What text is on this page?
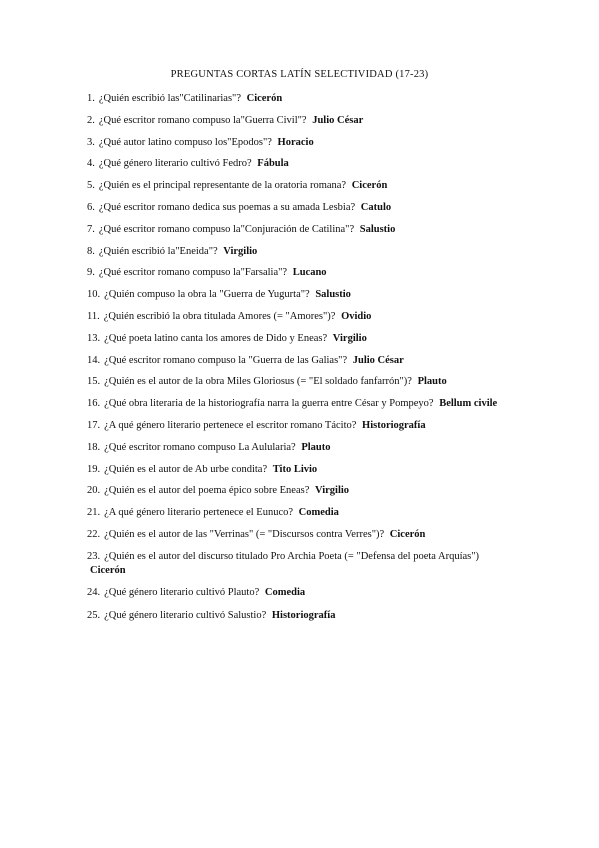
PREGUNTAS CORTAS LATÍN SELECTIVIDAD (17-23)
1. ¿Quién escribió las"Catilinarias"? Cicerón
2. ¿Qué escritor romano compuso la"Guerra Civil"? Julio César
3. ¿Qué autor latino compuso los"Epodos"? Horacio
4. ¿Qué género literario cultivó Fedro? Fábula
5. ¿Quién es el principal representante de la oratoria romana? Cicerón
6. ¿Qué escritor romano dedica sus poemas a su amada Lesbia? Catulo
7. ¿Qué escritor romano compuso la"Conjuración de Catilina"? Salustio
8. ¿Quién escribió la"Eneida"? Virgilio
9. ¿Qué escritor romano compuso la"Farsalia"? Lucano
10. ¿Quién compuso la obra la "Guerra de Yugurta"? Salustio
11. ¿Quién escribió la obra titulada Amores (= "Amores")? Ovidio
13. ¿Qué poeta latino canta los amores de Dido y Eneas? Virgilio
14. ¿Qué escritor romano compuso la "Guerra de las Galias"? Julio César
15. ¿Quién es el autor de la obra Miles Gloriosus (= "El soldado fanfarrón")? Plauto
16. ¿Qué obra literaria de la historiografía narra la guerra entre César y Pompeyo? Bellum civile
17. ¿A qué género literario pertenece el escritor romano Tácito? Historiografía
18. ¿Qué escritor romano compuso La Aulularia? Plauto
19. ¿Quién es el autor de Ab urbe condita? Tito Livio
20. ¿Quién es el autor del poema épico sobre Eneas? Virgilio
21. ¿A qué género literario pertenece el Eunuco? Comedia
22. ¿Quién es el autor de las "Verrinas" (= "Discursos contra Verres")? Cicerón
23. ¿Quién es el autor del discurso titulado Pro Archia Poeta (= "Defensa del poeta Arquías") Cicerón
24. ¿Qué género literario cultivó Plauto? Comedia
25. ¿Qué género literario cultivó Salustio? Historiografía
